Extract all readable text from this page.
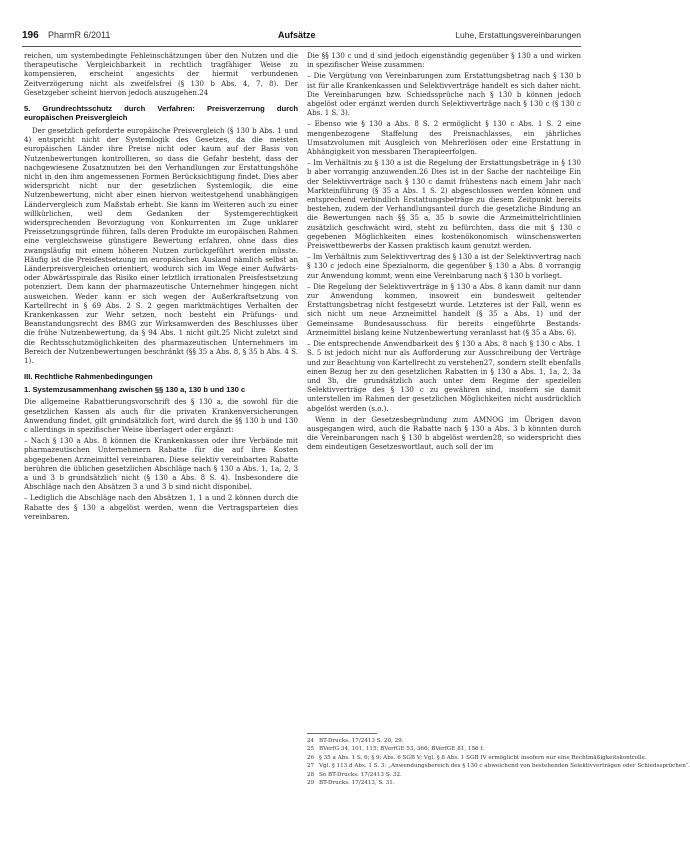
196 PharmR 6/2011	Aufsätze	Luhe, Erstattungsvereinbarungen

reichen, um systembedingte Fehleinschätzungen über den Nutzen und die therapeutische Vergleichbarkeit in rechtlich tragfähiger Weise zu kompensieren, erscheint angesichts der hiermit verbundenen Zeitverzögerung nicht als zweifelsfrei (§ 130 b Abs. 4, 7, 8). Der Gesetzgeber scheint hiervon jedoch auszugehen.24

5. Grundrechtsschutz durch Verfahren: Preisverzerrung durch europäischen Preisvergleich

Der gesetzlich geforderte europäische Preisvergleich (§ 130 b Abs. 1 und 4) entspricht nicht der Systemlogik des Gesetzes, da die meisten europäischen Länder ihre Preise nicht oder kaum auf der Basis von Nutzenbewertungen kontrollieren, so dass die Gefahr besteht, dass der nachgewiesene Zusatznutzen bei den Verhandlungen zur Erstattungshöhe nicht in den ihm angemessenen Formen Berücksichtigung findet. Dies aber widerspricht nicht nur der gesetzlichen Systemlogik, die eine Nutzenbewertung, nicht aber einen hiervon weitestgehend unabhängigen Ländervergleich zum Maßstab erhebt. Sie kann im Weiteren auch zu einer willkürlichen, weil dem Gedanken der Systemgerechtigkeit widersprechenden Bevorzugung von Konkurrenten im Zuge unklarer Preissetzungsgründe führen, falls deren Produkte im europäischen Rahmen eine vergleichsweise günstigere Bewertung erfahren, ohne dass dies zwangsläufig mit einem höheren Nutzen zurückgeführt werden müsste. Häufig ist die Preisfestsetzung im europäischen Ausland nämlich selbst an Länderpreisvergleichen orientiert, wodurch sich im Wege einer Aufwärts- oder Abwärtsspirale das Risiko einer letztlich irrationalen Preisfestsetzung potenziert. Dem kann der pharmazeutische Unternehmer hingegen nicht ausweichen. Weder kann er sich wegen der Außerkraftsetzung von Kartellrecht in § 69 Abs. 2 S. 2 gegen marktmächtiges Verhalten der Krankenkassen zur Wehr setzen, noch besteht ein Prüfungs- und Beanstandungsrecht des BMG zur Wirksamwerden des Beschlusses über die frühe Nutzenbewertung, da § 94 Abs. 1 nicht gilt.25 Nicht zuletzt sind die Rechtsschutzmöglichkeiten des pharmazeutischen Unternehmers im Bereich der Nutzenbewertungen beschränkt (§§ 35 a Abs. 8, § 35 b Abs. 4 S. 1).

III. Rechtliche Rahmenbedingungen
1. Systemzusammenhang zwischen §§ 130 a, 130 b und 130 c

Die allgemeine Rabattierungsvorschrift des § 130 a, die sowohl für die gesetzlichen Kassen als auch für die privaten Krankenversicherungen Anwendung findet, gilt grundsätzlich fort, wird durch die §§ 130 b und 130 c allerdings in spezifischer Weise überlagert oder ergänzt:

– Nach § 130 a Abs. 8 können die Krankenkassen oder ihre Verbände mit pharmazeutischen Unternehmern Rabatte für die auf ihre Kosten abgegebenen Arzneimittel vereinbaren. Diese selektiv vereinbarten Rabatte berühren die üblichen gesetzlichen Abschläge nach § 130 a Abs. 1, 1a, 2, 3 a und 3 b grundsätzlich nicht (§ 130 a Abs. 8 S. 4). Insbesondere die Abschläge nach den Absätzen 3 a und 3 b sind nicht disponibel.

– Lediglich die Abschläge nach den Absätzen 1, 1 a und 2 können durch die Rabatte des § 130 a abgelöst werden, wenn die Vertragsparteien dies vereinbaren.

Die §§ 130 c und d sind jedoch eigenständig gegenüber § 130 a und wirken in spezifischer Weise zusammen:

– Die Vergütung von Vereinbarungen zum Erstattungsbetrag nach § 130 b ist für alle Krankenkassen und Selektivverträge handelt es sich daher nicht. Die Vereinbarungen bzw. Schiedssprüche nach § 130 b können jedoch abgelöst oder ergänzt werden durch Selektivverträge nach § 130 c (§ 130 c Abs. 1 S. 3).

– Ebenso wie § 130 a Abs. 8 S. 2 ermöglicht § 130 c Abs. 1 S. 2 eine mengenbezogene Staffelung des Preisnachlasses, ein jährliches Umsatzvolumen mit Ausgleich von Mehrerlösen oder eine Erstattung in Abhängigkeit von messbaren Therapieerfolgen.

– Im Verhältnis zu § 130 a ist die Regelung der Erstattungsbeträge in § 130 b aber vorrangig anzuwenden.26 Dies ist in der Sache der nachteilige Ein der Selektivverträge nach § 130 c damit frühestens nach einem Jahr nach Markteinführung (§ 35 a Abs. 1 S. 2) abgeschlossen werden können und entsprechend verbindlich Erstattungsbeträge zu diesem Zeitpunkt bereits bestehen, zudem der Verhandlungsanteil durch die gesetzliche Bindung an die Bewertungen nach §§ 35 a, 35 b sowie die Arzneimittelrichtlinien zusätzlich geschwächt wird, steht zu befürchten, dass die mit § 130 c gegebenen Möglichkeiten eines kostenökonomisch wünschenswerten Preiswettbewerbs der Kassen praktisch kaum genutzt werden.

– Im Verhältnis zum Selektivvertrag des § 130 a ist der Selektivvertrag nach § 130 c jedoch eine Spezialnorm, die gegenüber § 130 a Abs. 8 vorrangig zur Anwendung kommt, wenn eine Vereinbarung nach § 130 b vorliegt.

– Die Regelung der Selektivverträge in § 130 a Abs. 8 kann damit nur dann zur Anwendung kommen, insoweit ein bundesweit geltender Erstattungsbetrag nicht festgesetzt wurde. Letzteres ist der Fall, wenn es sich nicht um neue Arzneimittel handelt (§ 35 a Abs. 1) und der Gemeinsame Bundesausschuss für bereits eingeführte Bestands-Arzneimittel bislang keine Nutzenbewertung veranlasst hat (§ 35 a Abs. 6).

– Die entsprechende Anwendbarkeit des § 130 a Abs. 8 nach § 130 c Abs. 1 S. 5 ist jedoch nicht nur als Aufforderung zur Ausschreibung der Verträge und zur Beachtung von Kartellrecht zu verstehen27, sondern stellt ebenfalls einen Bezug her zu den gesetzlichen Rabatten in § 130 a Abs. 1, 1a, 2, 3a und 3b, die grundsätzlich auch unter dem Regime der speziellen Selektivverträge des § 130 c zu gewähren sind, insofern sie damit unterstellen im Rahmen der gesetzlichen Möglichkeiten nicht ausdrücklich abgelöst werden (s.o.).

Wenn in der Gesetzesbegründung zum AMNOG im Übrigen davon ausgegangen wird, auch die Rabatte nach § 130 a Abs. 3 b könnten durch die Vereinbarungen nach § 130 b abgelöst werden28, so widerspricht dies dem eindeutigen Gesetzeswortlaut, auch soll der im

24 BT-Drucks. 17/2413 S. 20, 29.
25 BVerfG 34, 101, 115; BVerfGE 53, 366; BVerfGE 81, 156 f.
26 § 35 a Abs. 1 S. 6; § 9; Abs. 6 SGB V; Vgl. § 8 Abs. 1 SGB IV ermöglicht insofern nur eine Rechtmäßigkeitskontrolle.
27 Vgl. § 113 d Abs. 1 S. 3: „Anwendungsbereich des § 130 c abweichend von bestehenden Selektivverträgen oder Schiedssprüchen“.
28 So BT-Drucks. 17/2413 S. 32.
29 BT-Drucks. 17/2413, S. 31.
